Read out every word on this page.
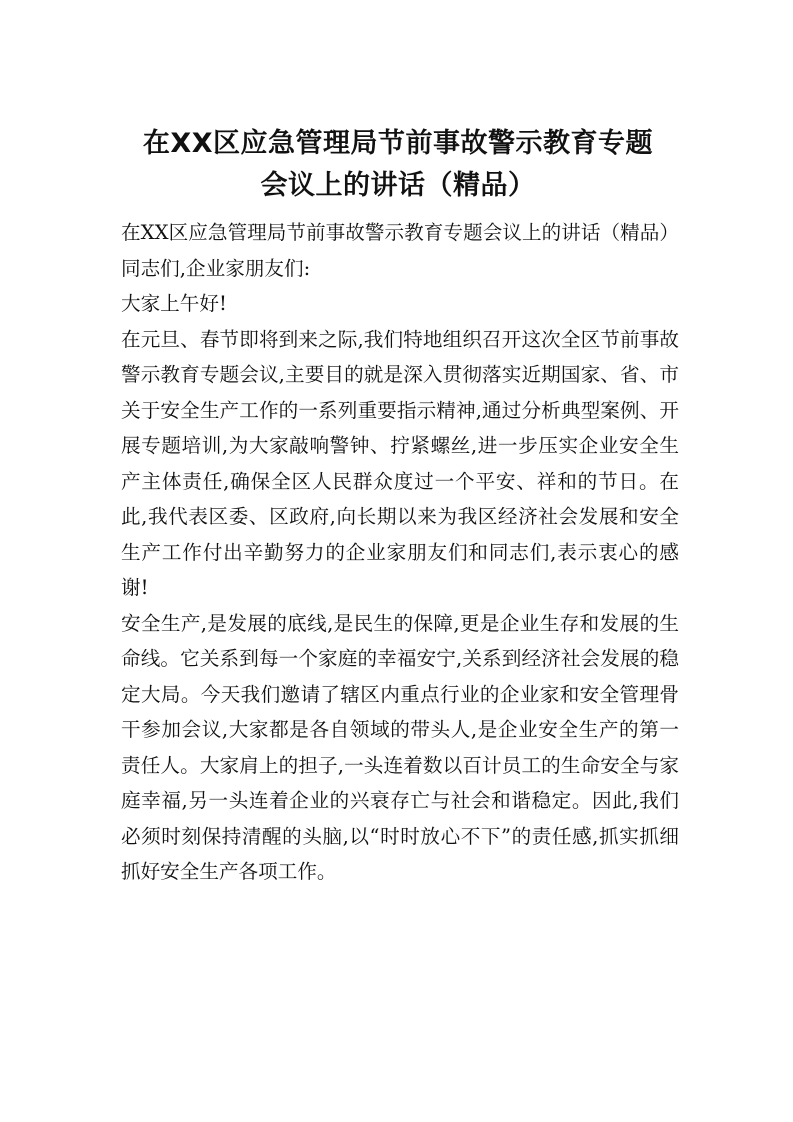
在XX区应急管理局节前事故警示教育专题
会议上的讲话（精品）

在XX区应急管理局节前事故警示教育专题会议上的讲话（精品）同志们,企业家朋友们:

大家上午好!

在元旦、春节即将到来之际,我们特地组织召开这次全区节前事故警示教育专题会议,主要目的就是深入贯彻落实近期国家、省、市关于安全生产工作的一系列重要指示精神,通过分析典型案例、开展专题培训,为大家敲响警钟、拧紧螺丝,进一步压实企业安全生产主体责任,确保全区人民群众度过一个平安、祥和的节日。在此,我代表区委、区政府,向长期以来为我区经济社会发展和安全生产工作付出辛勤努力的企业家朋友们和同志们,表示衷心的感谢!

安全生产,是发展的底线,是民生的保障,更是企业生存和发展的生命线。它关系到每一个家庭的幸福安宁,关系到经济社会发展的稳定大局。今天我们邀请了辖区内重点行业的企业家和安全管理骨干参加会议,大家都是各自领域的带头人,是企业安全生产的第一责任人。大家肩上的担子,一头连着数以百计员工的生命安全与家庭幸福,另一头连着企业的兴衰存亡与社会和谐稳定。因此,我们必须时刻保持清醒的头脑,以“时时放心不下”的责任感,抓实抓细抓好安全生产各项工作。
